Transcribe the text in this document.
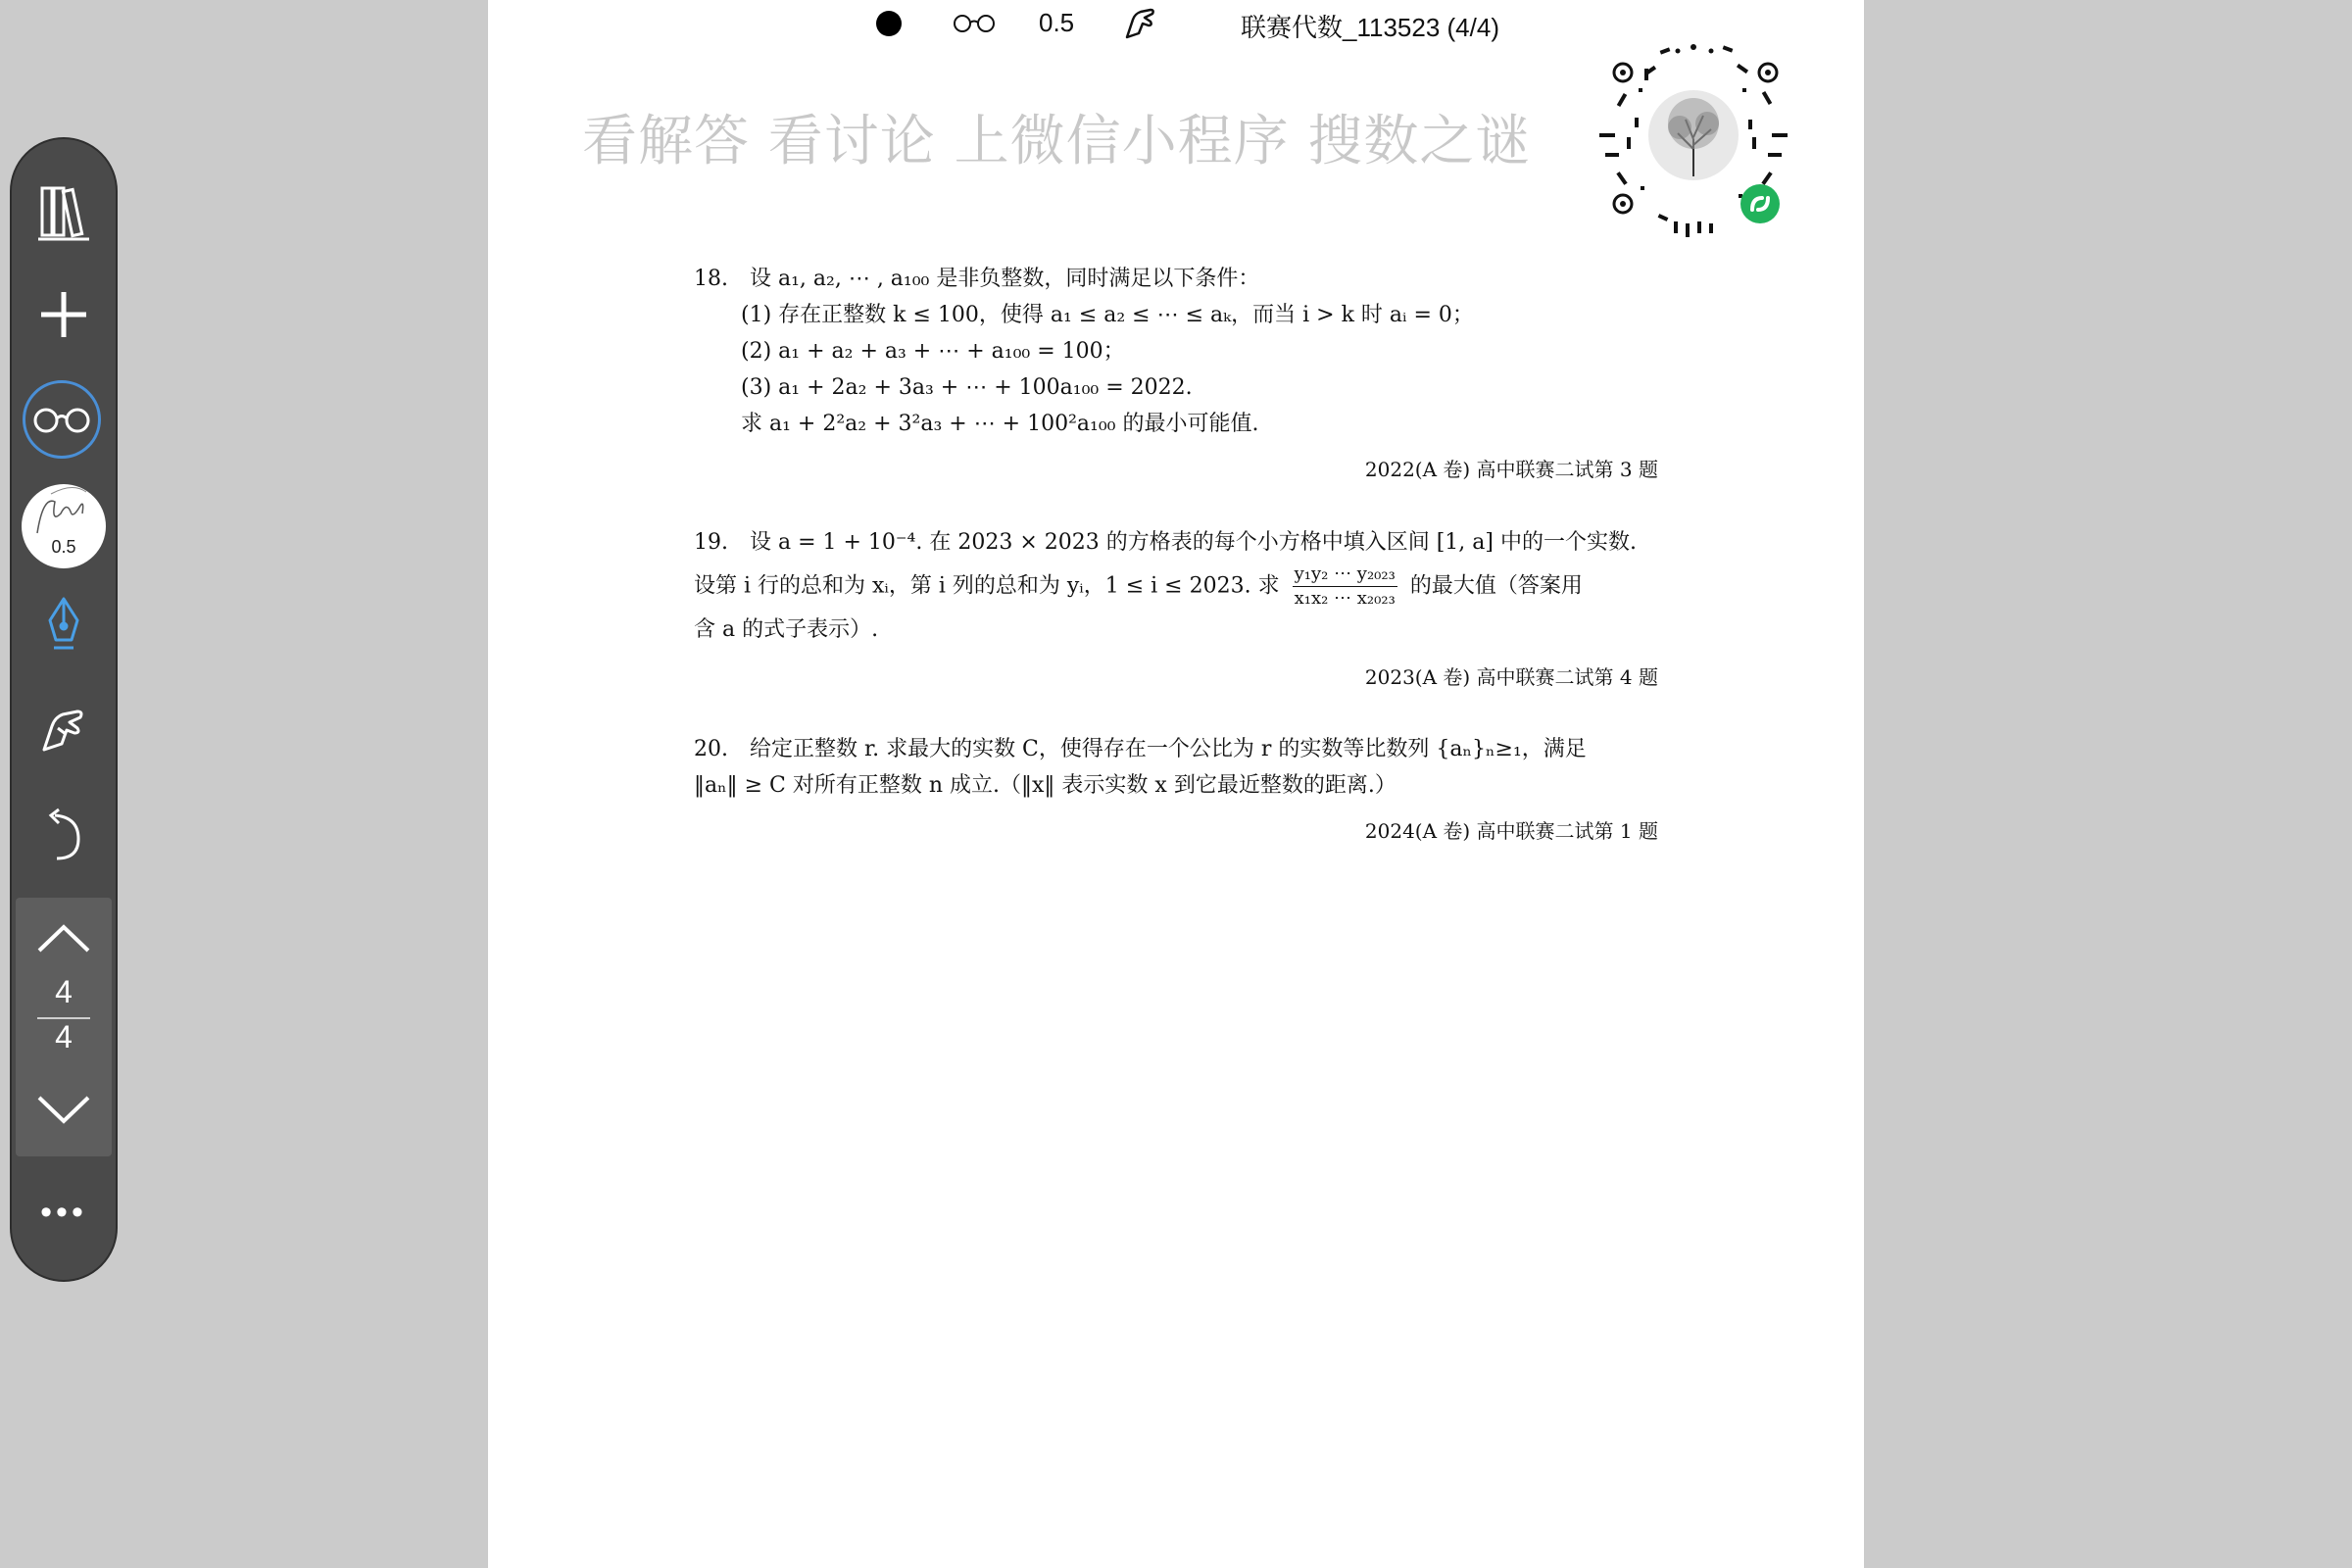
0.5	联赛代数_113523 (4/4)
看解答 看讨论 上微信小程序 搜数之谜
18.　设 a₁, a₂, ⋯ , a₁₀₀ 是非负整数，同时满足以下条件：
(1) 存在正整数 k ≤ 100，使得 a₁ ≤ a₂ ≤ ⋯ ≤ aₖ，而当 i > k 时 aᵢ = 0；
(2) a₁ + a₂ + a₃ + ⋯ + a₁₀₀ = 100；
(3) a₁ + 2a₂ + 3a₃ + ⋯ + 100a₁₀₀ = 2022.
求 a₁ + 2²a₂ + 3²a₃ + ⋯ + 100²a₁₀₀ 的最小可能值.
2022(A 卷) 高中联赛二试第 3 题
19.　设 a = 1 + 10⁻⁴. 在 2023 × 2023 的方格表的每个小方格中填入区间 [1, a] 中的一个实数.
设第 i 行的总和为 xᵢ，第 i 列的总和为 yᵢ，1 ≤ i ≤ 2023. 求 $\frac{\text{y₁y₂ ⋯ y₂₀₂₃}}{\text{x₁x₂ ⋯ x₂₀₂₃}}$ 的最大值（答案用
含 a 的式子表示）.
2023(A 卷) 高中联赛二试第 4 题
20.　给定正整数 r. 求最大的实数 C，使得存在一个公比为 r 的实数等比数列 {aₙ}ₙ≥₁，满足
‖aₙ‖ ≥ C 对所有正整数 n 成立.（‖x‖ 表示实数 x 到它最近整数的距离.）
2024(A 卷) 高中联赛二试第 1 题
0.5
4
4
•••
